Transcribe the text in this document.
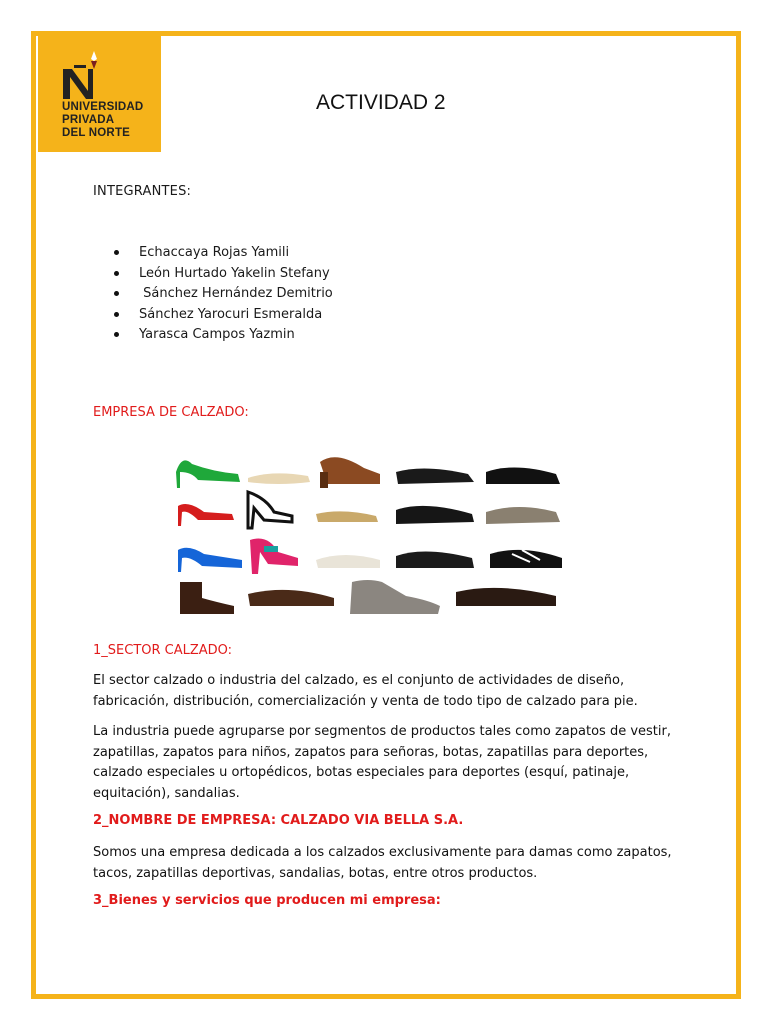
UNIVERSIDAD
PRIVADA
DEL NORTE
ACTIVIDAD 2
INTEGRANTES:
Echaccaya Rojas Yamili
León Hurtado Yakelin Stefany
Sánchez Hernández Demitrio
Sánchez Yarocuri Esmeralda
Yarasca Campos Yazmin
EMPRESA DE CALZADO:
1_SECTOR CALZADO:
El sector calzado o industria del calzado, es el conjunto de actividades de diseño, fabricación, distribución, comercialización y venta de todo tipo de calzado para pie.
La industria puede agruparse por segmentos de productos tales como zapatos de vestir, zapatillas, zapatos para niños, zapatos para señoras, botas, zapatillas para deportes, calzado especiales u ortopédicos, botas especiales para deportes (esquí, patinaje, equitación), sandalias.
2_NOMBRE DE EMPRESA: CALZADO VIA BELLA S.A.
Somos una empresa dedicada a los calzados exclusivamente para damas como zapatos, tacos, zapatillas deportivas, sandalias, botas, entre otros productos.
3_Bienes y servicios que producen mi empresa:
